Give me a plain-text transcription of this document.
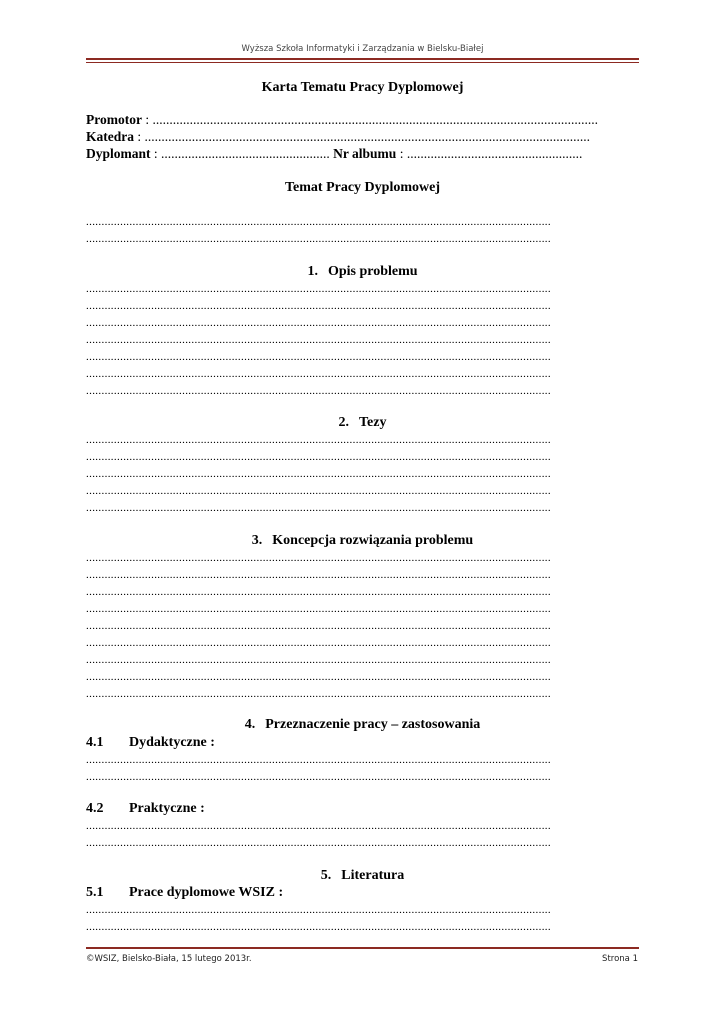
Wyższa Szkoła Informatyki i Zarządzania w Bielsku-Białej
Karta Tematu Pracy Dyplomowej
Promotor : ....................................................................................................................................
Katedra : ....................................................................................................................................
Dyplomant : .................................................. Nr albumu : ....................................................
Temat Pracy Dyplomowej
......................................................................................................................................................
......................................................................................................................................................
1. Opis problemu
......................................................................................................................................................
......................................................................................................................................................
......................................................................................................................................................
......................................................................................................................................................
......................................................................................................................................................
......................................................................................................................................................
......................................................................................................................................................
2. Tezy
......................................................................................................................................................
......................................................................................................................................................
......................................................................................................................................................
......................................................................................................................................................
......................................................................................................................................................
3. Koncepcja rozwiązania problemu
......................................................................................................................................................
......................................................................................................................................................
......................................................................................................................................................
......................................................................................................................................................
......................................................................................................................................................
......................................................................................................................................................
......................................................................................................................................................
......................................................................................................................................................
......................................................................................................................................................
4. Przeznaczenie pracy – zastosowania
4.1 Dydaktyczne :
......................................................................................................................................................
......................................................................................................................................................
4.2 Praktyczne :
......................................................................................................................................................
......................................................................................................................................................
5. Literatura
5.1 Prace dyplomowe WSIZ :
......................................................................................................................................................
......................................................................................................................................................
©WSIZ, Bielsko-Biała, 15 lutego 2013r.	Strona 1
